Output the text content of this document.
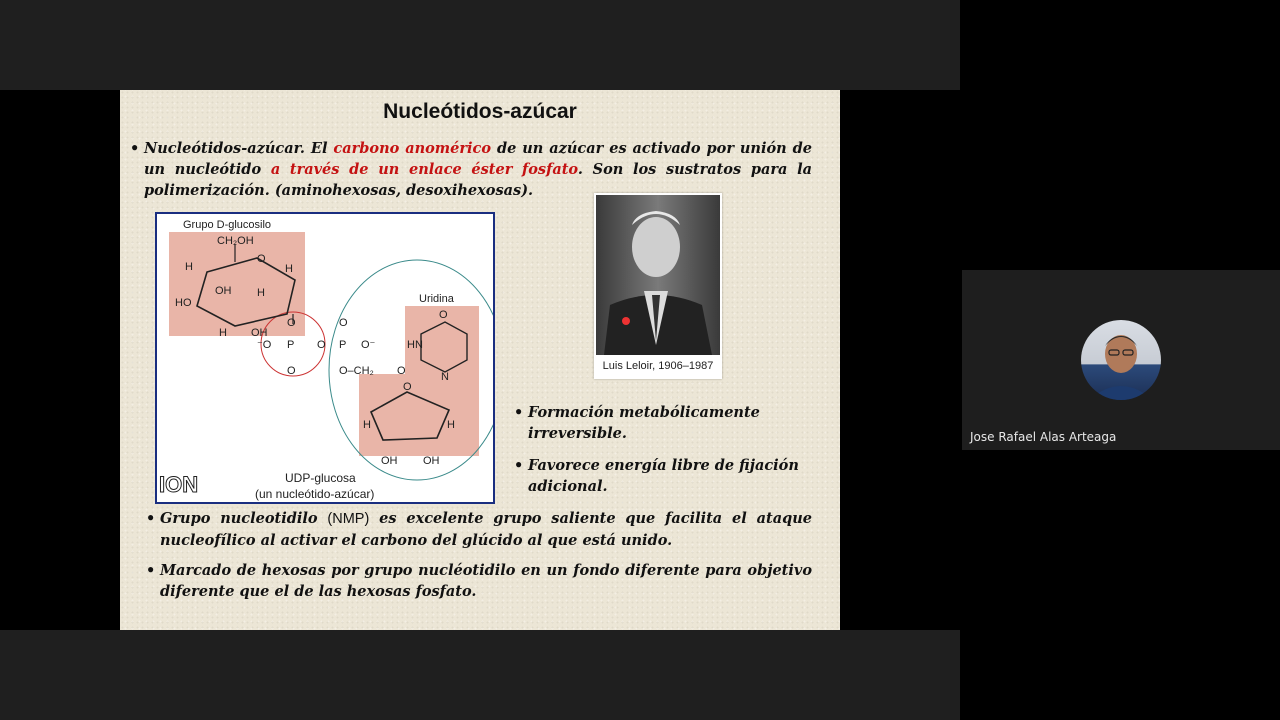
Nucleótidos-azúcar
• Nucleótidos-azúcar. El carbono anomérico de un azúcar es activado por unión de un nucleótido a través de un enlace éster fosfato. Son los sustratos para la polimerización. (aminohexosas, desoxihexosas).
Grupo D-glucosilo
CH₂OH
O
H	H
OH H
HO
H OH
O
⁻O P O P O⁻
O
O
O–CH₂
Uridina
O
HN
N
O
O
H	H
OH OH
UDP-glucosa
(un nucleótido-azúcar)
ION
Luis Leloir, 1906–1987
• Formación metabólicamente irreversible.
• Favorece energía libre de fijación adicional.
• Grupo nucleotidilo (NMP) es excelente grupo saliente que facilita el ataque nucleofílico al activar el carbono del glúcido al que está unido.
• Marcado de hexosas por grupo nucléotidilo en un fondo diferente para objetivo diferente que el de las hexosas fosfato.
Jose Rafael Alas Arteaga
